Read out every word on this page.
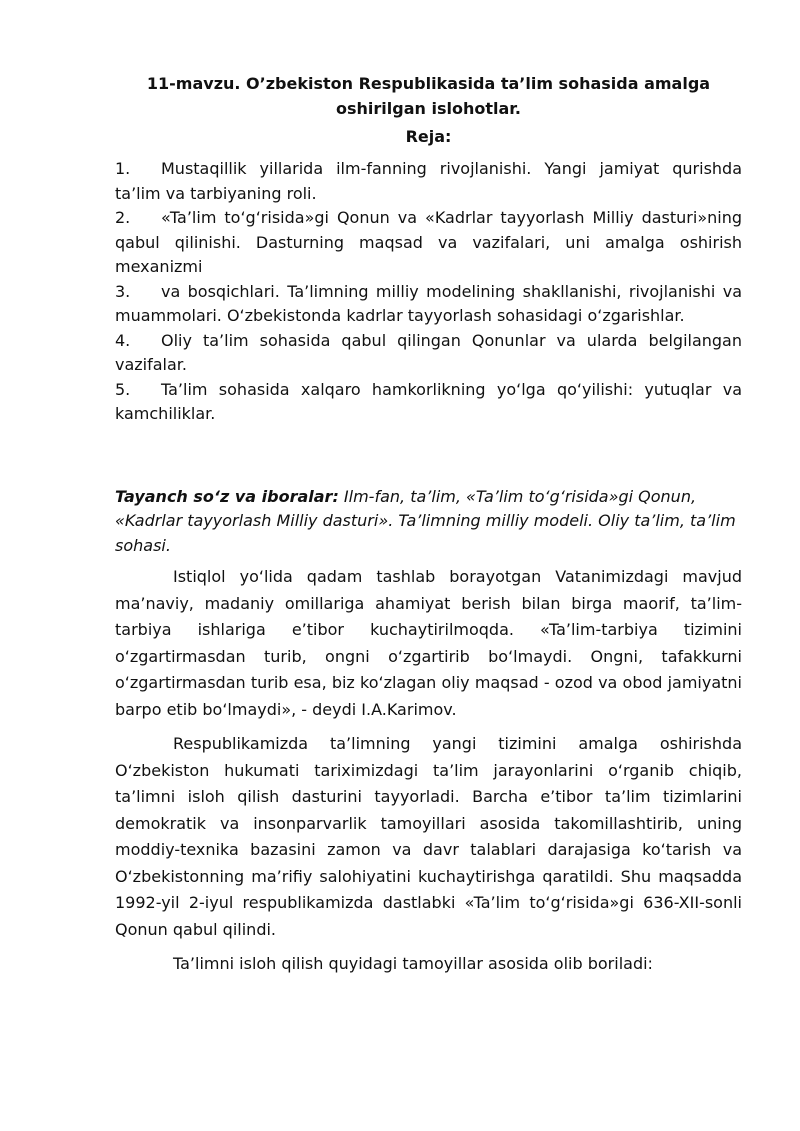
11-mavzu. O’zbekiston Respublikasida ta’lim sohasida amalga
oshirilgan islohotlar.
Reja:
1. Mustaqillik yillarida ilm-fanning rivojlanishi. Yangi jamiyat qurishda ta’lim va tarbiyaning roli.
2. «Ta’lim to‘g‘risida»gi Qonun va «Kadrlar tayyorlash Milliy dasturi»ning qabul qilinishi. Dasturning maqsad va vazifalari, uni amalga oshirish mexanizmi
3. va bosqichlari. Ta’limning milliy modelining shakllanishi, rivojlanishi va muammolari. O‘zbekistonda kadrlar tayyorlash sohasidagi o‘zgarishlar.
4. Oliy ta’lim sohasida qabul qilingan Qonunlar va ularda belgilangan vazifalar.
5. Ta’lim sohasida xalqaro hamkorlikning yo‘lga qo‘yilishi: yutuqlar va kamchiliklar.

Tayanch so‘z va iboralar: Ilm-fan, ta’lim, «Ta’lim to‘g‘risida»gi Qonun, «Kadrlar tayyorlash Milliy dasturi». Ta’limning milliy modeli. Oliy ta’lim, ta’lim sohasi.

Istiqlol yo‘lida qadam tashlab borayotgan Vatanimizdagi mavjud ma’naviy, madaniy omillariga ahamiyat berish bilan birga maorif, ta’lim-tarbiya ishlariga e’tibor kuchaytirilmoqda. «Ta’lim-tarbiya tizimini o‘zgartirmasdan turib, ongni o‘zgartirib bo‘lmaydi. Ongni, tafakkurni o‘zgartirmasdan turib esa, biz ko‘zlagan oliy maqsad - ozod va obod jamiyatni barpo etib bo‘lmaydi», - deydi I.A.Karimov.

Respublikamizda ta’limning yangi tizimini amalga oshirishda O‘zbekiston hukumati tariximizdagi ta’lim jarayonlarini o‘rganib chiqib, ta’limni isloh qilish dasturini tayyorladi. Barcha e’tibor ta’lim tizimlarini demokratik va insonparvarlik tamoyillari asosida takomillashtirib, uning moddiy-texnika bazasini zamon va davr talablari darajasiga ko‘tarish va O‘zbekistonning ma’rifiy salohiyatini kuchaytirishga qaratildi. Shu maqsadda 1992-yil 2-iyul respublikamizda dastlabki «Ta’lim to‘g‘risida»gi 636-XII-sonli Qonun qabul qilindi.

Ta’limni isloh qilish quyidagi tamoyillar asosida olib boriladi:
